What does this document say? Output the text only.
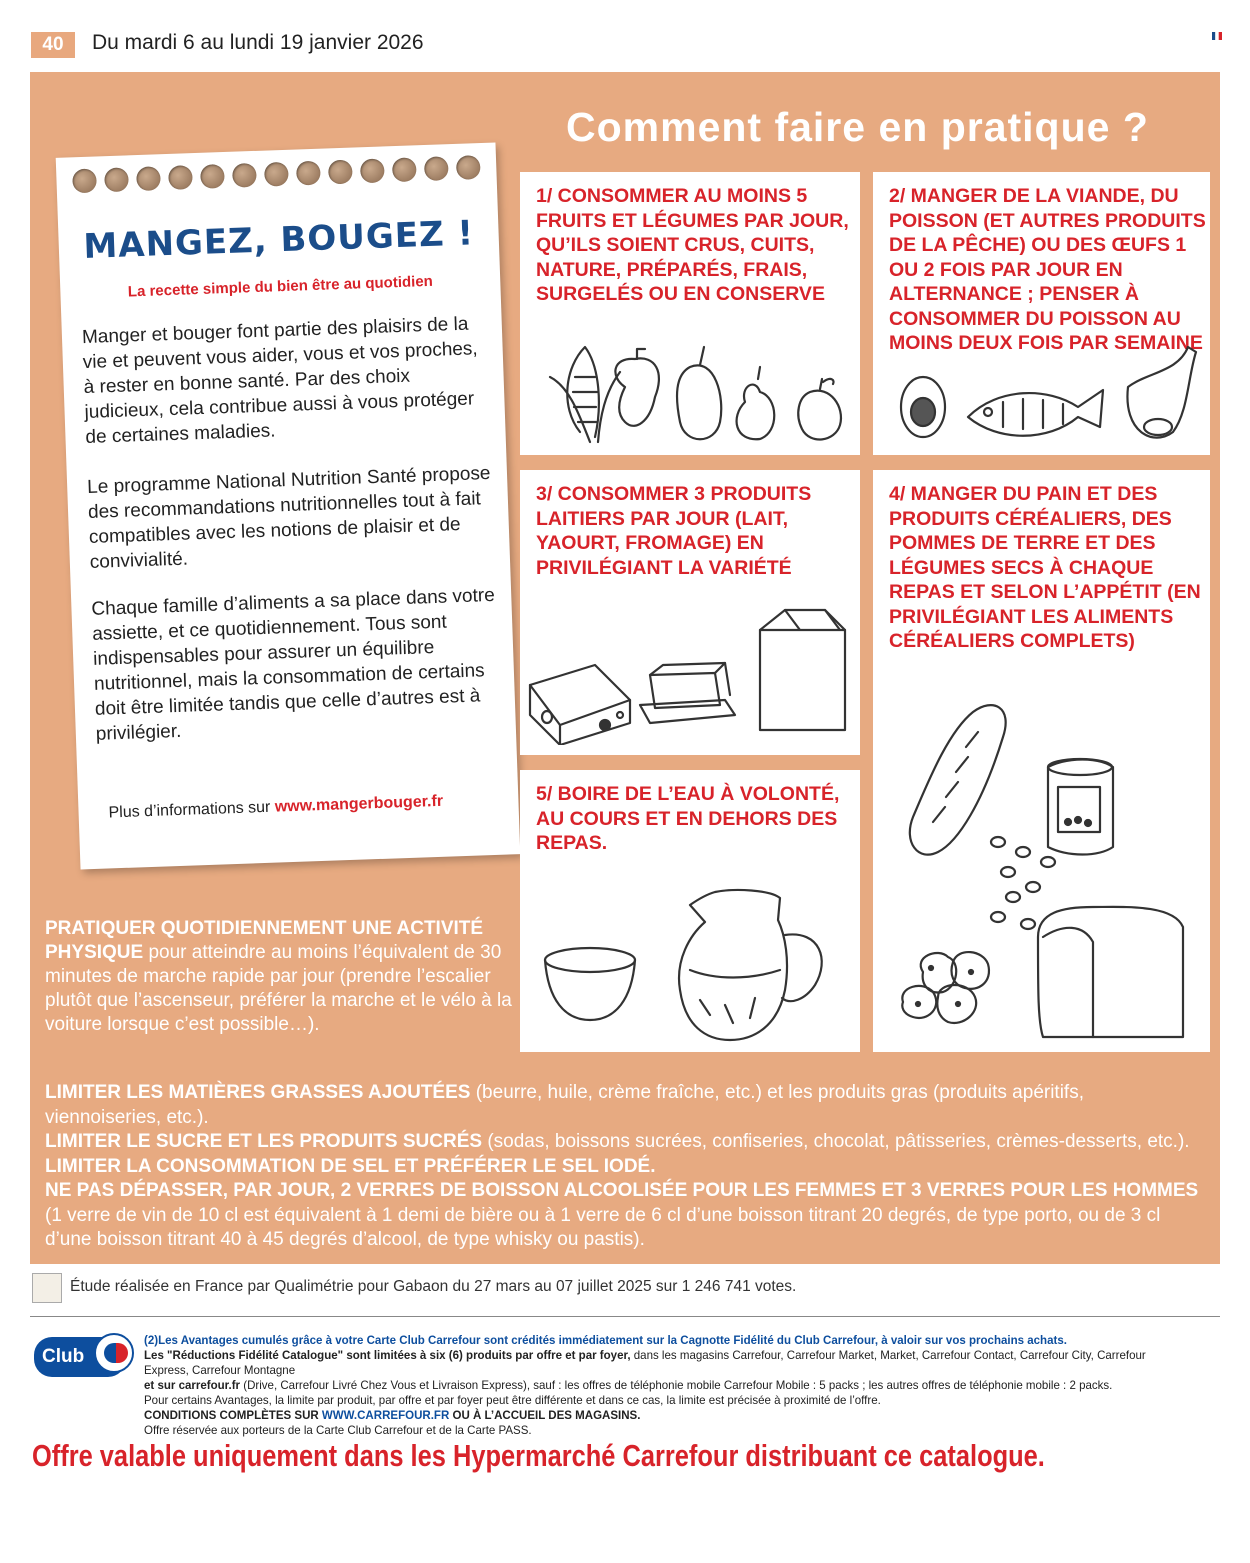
40	Du mardi 6 au lundi 19 janvier 2026
Comment faire en pratique ?
MANGEZ, BOUGEZ !
La recette simple du bien être au quotidien
Manger et bouger font partie des plaisirs de la vie et peuvent vous aider, vous et vos proches, à rester en bonne santé. Par des choix judicieux, cela contribue aussi à vous protéger de certaines maladies.
Le programme National Nutrition Santé propose des recommandations nutritionnelles tout à fait compatibles avec les notions de plaisir et de convivialité.
Chaque famille d’aliments a sa place dans votre assiette, et ce quotidiennement. Tous sont indispensables pour assurer un équilibre nutritionnel, mais la consommation de certains doit être limitée tandis que celle d’autres est à privilégier.
Plus d’informations sur www.mangerbouger.fr
1/ CONSOMMER AU MOINS 5 FRUITS ET LÉGUMES PAR JOUR, QU’ILS SOIENT CRUS, CUITS, NATURE, PRÉPARÉS, FRAIS, SURGELÉS OU EN CONSERVE
2/ MANGER DE LA VIANDE, DU POISSON (ET AUTRES PRODUITS DE LA PÊCHE) OU DES ŒUFS 1 OU 2 FOIS PAR JOUR EN ALTERNANCE ; PENSER À CONSOMMER DU POISSON AU MOINS DEUX FOIS PAR SEMAINE
3/ CONSOMMER 3 PRODUITS LAITIERS PAR JOUR (LAIT, YAOURT, FROMAGE) EN PRIVILÉGIANT LA VARIÉTÉ
4/ MANGER DU PAIN ET DES PRODUITS CÉRÉALIERS, DES POMMES DE TERRE ET DES LÉGUMES SECS À CHAQUE REPAS ET SELON L’APPÉTIT (EN PRIVILÉGIANT LES ALIMENTS CÉRÉALIERS COMPLETS)
5/ BOIRE DE L’EAU À VOLONTÉ, AU COURS ET EN DEHORS DES REPAS.
PRATIQUER QUOTIDIENNEMENT UNE ACTIVITÉ PHYSIQUE pour atteindre au moins l’équivalent de 30 minutes de marche rapide par jour (prendre l’escalier plutôt que l’ascenseur, préférer la marche et le vélo à la voiture lorsque c’est possible…).
LIMITER LES MATIÈRES GRASSES AJOUTÉES (beurre, huile, crème fraîche, etc.) et les produits gras (produits apéritifs, viennoiseries, etc.).
LIMITER LE SUCRE ET LES PRODUITS SUCRÉS (sodas, boissons sucrées, confiseries, chocolat, pâtisseries, crèmes-desserts, etc.).
LIMITER LA CONSOMMATION DE SEL ET PRÉFÉRER LE SEL IODÉ.
NE PAS DÉPASSER, PAR JOUR, 2 VERRES DE BOISSON ALCOOLISÉE POUR LES FEMMES ET 3 VERRES POUR LES HOMMES (1 verre de vin de 10 cl est équivalent à 1 demi de bière ou à 1 verre de 6 cl d’une boisson titrant 20 degrés, de type porto, ou de 3 cl d’une boisson titrant 40 à 45 degrés d’alcool, de type whisky ou pastis).
Étude réalisée en France par Qualimétrie pour Gabaon du 27 mars au 07 juillet 2025 sur 1 246 741 votes.
Club
(2)Les Avantages cumulés grâce à votre Carte Club Carrefour sont crédités immédiatement sur la Cagnotte Fidélité du Club Carrefour, à valoir sur vos prochains achats.
Les "Réductions Fidélité Catalogue" sont limitées à six (6) produits par offre et par foyer, dans les magasins Carrefour, Carrefour Market, Market, Carrefour Contact, Carrefour City, Carrefour Express, Carrefour Montagne
et sur carrefour.fr (Drive, Carrefour Livré Chez Vous et Livraison Express), sauf : les offres de téléphonie mobile Carrefour Mobile : 5 packs ; les autres offres de téléphonie mobile : 2 packs.
Pour certains Avantages, la limite par produit, par offre et par foyer peut être différente et dans ce cas, la limite est précisée à proximité de l’offre.
CONDITIONS COMPLÈTES SUR WWW.CARREFOUR.FR OU À L’ACCUEIL DES MAGASINS.
Offre réservée aux porteurs de la Carte Club Carrefour et de la Carte PASS.
Offre valable uniquement dans les Hypermarché Carrefour distribuant ce catalogue.
